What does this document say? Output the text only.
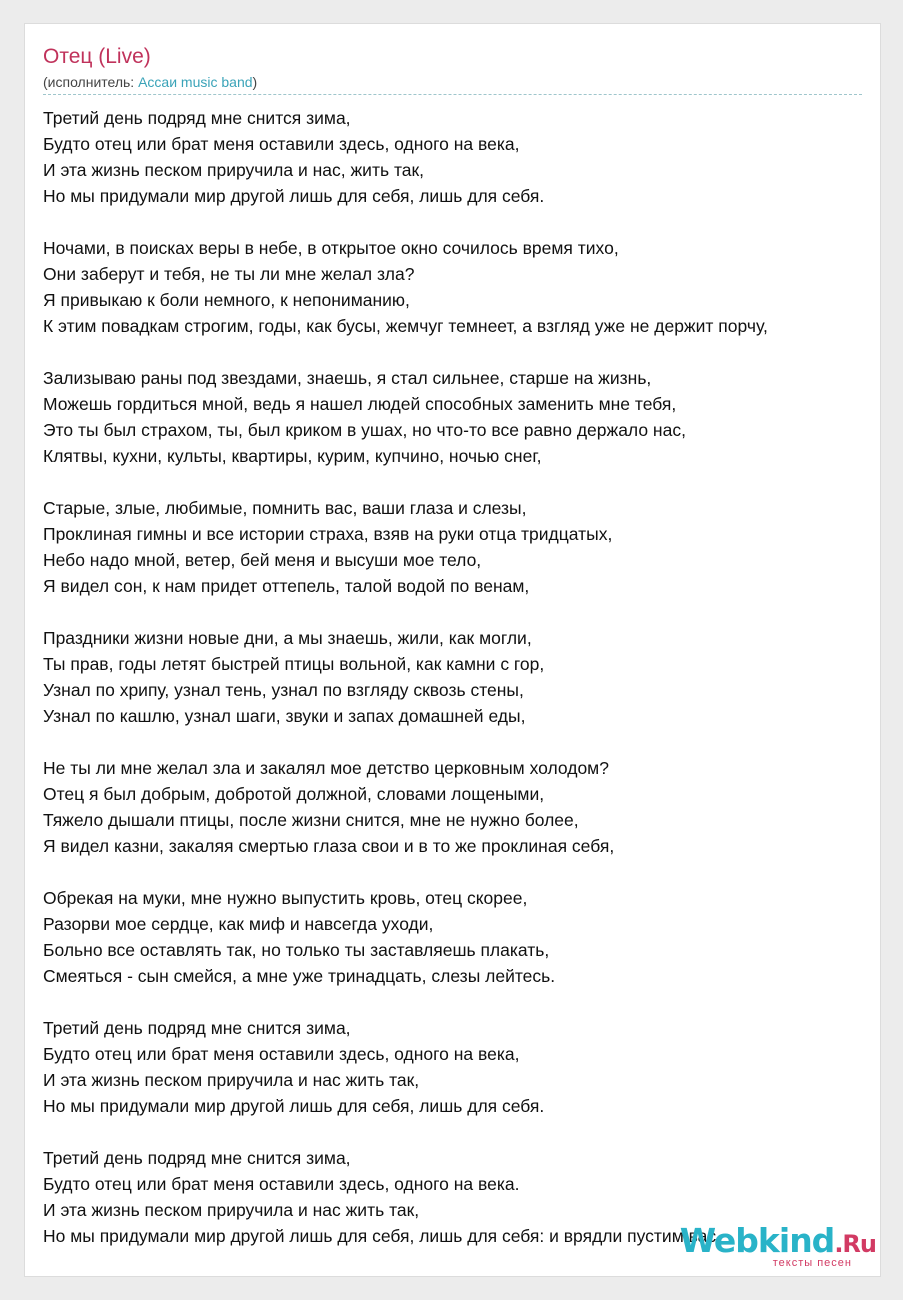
Отец (Live)
(исполнитель: Accaи music band)
Третий день подряд мне снится зима,
Будто отец или брат меня оставили здесь, одного на века,
И эта жизнь песком приручила и нас, жить так,
Но мы придумали мир другой лишь для себя, лишь для себя.
Ночами, в поисках веры в небе, в открытое окно сочилось время тихо,
Они заберут и тебя, не ты ли мне желал зла?
Я привыкаю к боли немного, к непониманию,
К этим повадкам строгим, годы, как бусы, жемчуг темнеет, а взгляд уже не держит порчу,
Зализываю раны под звездами, знаешь, я стал сильнее, старше на жизнь,
Можешь гордиться мной, ведь я нашел людей способных заменить мне тебя,
Это ты был страхом, ты, был криком в ушах, но что-то все равно держало нас,
Клятвы, кухни, культы, квартиры, курим, купчино, ночью снег,
Старые, злые, любимые, помнить вас, ваши глаза и слезы,
Проклиная гимны и все истории страха, взяв на руки отца тридцатых,
Небо надо мной, ветер, бей меня и высуши мое тело,
Я видел сон, к нам придет оттепель, талой водой по венам,
Праздники жизни новые дни, а мы знаешь, жили, как могли,
Ты прав, годы летят быстрей птицы вольной, как камни с гор,
Узнал по хрипу, узнал тень, узнал по взгляду сквозь стены,
Узнал по кашлю, узнал шаги, звуки и запах домашней еды,
Не ты ли мне желал зла и закалял мое детство церковным холодом?
Отец я был добрым, добротой должной, словами лощеными,
Тяжело дышали птицы, после жизни снится, мне не нужно более,
Я видел казни, закаляя смертью глаза свои и в то же проклиная себя,
Обрекая на муки, мне нужно выпустить кровь, отец скорее,
Разорви мое сердце, как миф и навсегда уходи,
Больно все оставлять так, но только ты заставляешь плакать,
Смеяться - сын смейся, а мне уже тринадцать, слезы лейтесь.
Третий день подряд мне снится зима,
Будто отец или брат меня оставили здесь, одного на века,
И эта жизнь песком приручила и нас жить так,
Но мы придумали мир другой лишь для себя, лишь для себя.
Третий день подряд мне снится зима,
Будто отец или брат меня оставили здесь, одного на века.
И эта жизнь песком приручила и нас жить так,
Но мы придумали мир другой лишь для себя, лишь для себя: и врядли пустим вас.
Webkind.Ru
тексты песен
